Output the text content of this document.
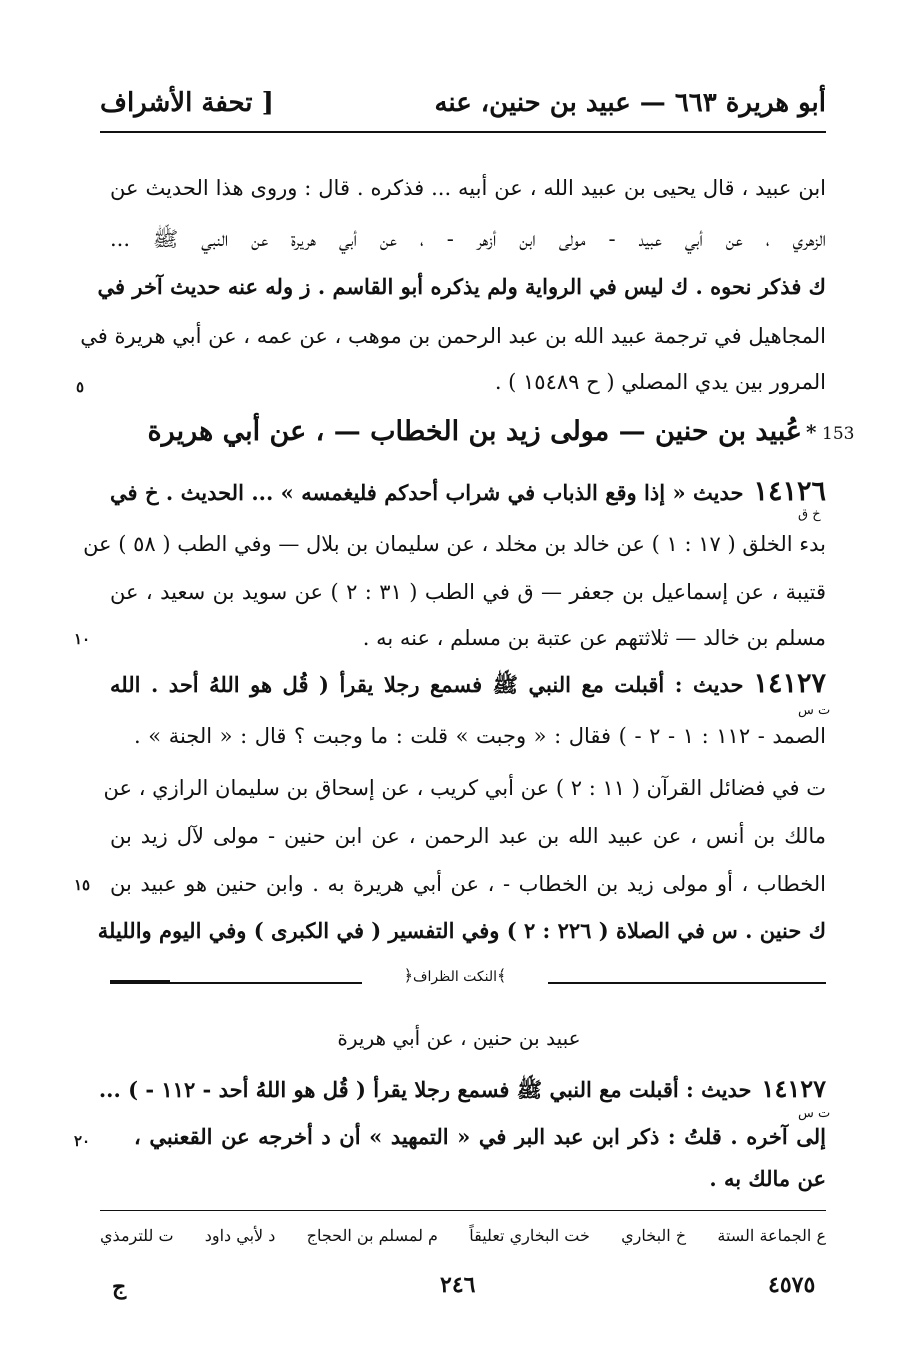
أبو هريرة ٦٦٣ — عبيد بن حنين، عنه
[ تحفة الأشراف
ابن عبيد ، قال يحيى بن عبيد الله ، عن أبيه ... فذكره . قال : وروى هذا الحديث عن
الزهري ، عن أبي عبيد - مولى ابن أزهر - ، عن أبي هريرة عن النبي ﷺ ...
ك فذكر نحوه . ك ليس في الرواية ولم يذكره أبو القاسم . ز وله عنه حديث آخر في
المجاهيل في ترجمة عبيد الله بن عبد الرحمن بن موهب ، عن عمه ، عن أبي هريرة في
المرور بين يدي المصلي ( ح ١٥٤٨٩ ) .
٥
153
*
عُبيد بن حنين — مولى زيد بن الخطاب — ، عن أبي هريرة
١٤١٢٦
حديث « إذا وقع الذباب في شراب أحدكم فليغمسه » ... الحديث . خ في
خ ق
بدء الخلق ( ١٧ : ١ ) عن خالد بن مخلد ، عن سليمان بن بلال — وفي الطب ( ٥٨ ) عن
قتيبة ، عن إسماعيل بن جعفر — ق في الطب ( ٣١ : ٢ ) عن سويد بن سعيد ، عن
مسلم بن خالد — ثلاثتهم عن عتبة بن مسلم ، عنه به .
١٠
١٤١٢٧
حديث : أقبلت مع النبي ﷺ فسمع رجلا يقرأ ( قُل هو اللهُ أحد . الله
ت س
الصمد - ١١٢ : ١ - ٢ - ) فقال : « وجبت » قلت : ما وجبت ؟ قال : « الجنة » .
ت في فضائل القرآن ( ١١ : ٢ ) عن أبي كريب ، عن إسحاق بن سليمان الرازي ، عن
مالك بن أنس ، عن عبيد الله بن عبد الرحمن ، عن ابن حنين - مولى لآل زيد بن
الخطاب ، أو مولى زيد بن الخطاب - ، عن أبي هريرة به . وابن حنين هو عبيد بن
١٥
ك حنين . س في الصلاة ( ٢٢٦ : ٢ ) وفي التفسير ( في الكبرى ) وفي اليوم والليلة
﴾النكت الظراف﴿
عبيد بن حنين ، عن أبي هريرة
١٤١٢٧
حديث : أقبلت مع النبي ﷺ فسمع رجلا يقرأ ( قُل هو اللهُ أحد - ١١٢ - ) ...
ت س
إلى آخره . قلتُ : ذكر ابن عبد البر في « التمهيد » أن د أخرجه عن القعنبي ،
٢٠
عن مالك به .
ع الجماعة الستة
خ البخاري
خت البخاري تعليقاً
م لمسلم بن الحجاج
د لأبي داود
ت للترمذي
٤٥٧٥
٢٤٦
ج
